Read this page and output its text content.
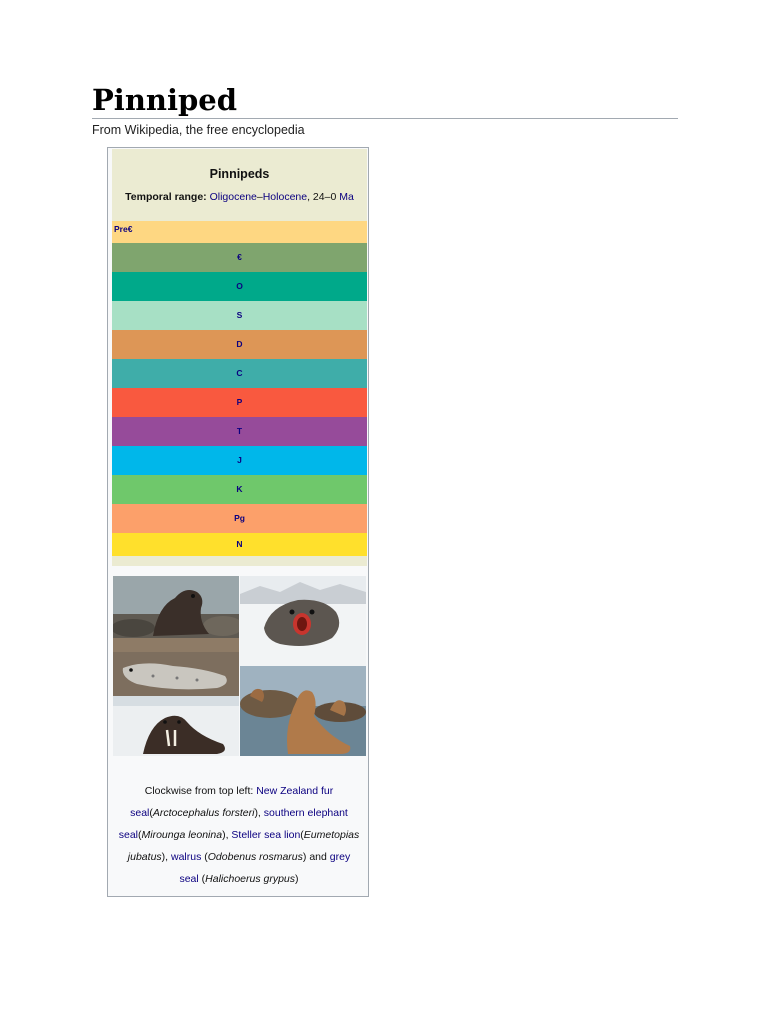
Pinniped
From Wikipedia, the free encyclopedia
Pinnipeds
Temporal range: Oligocene–Holocene, 24–0 Ma
Pre€
€
O
S
D
C
P
T
J
K
Pg
N
Clockwise from top left: New Zealand fur seal(Arctocephalus forsteri), southern elephant seal(Mirounga leonina), Steller sea lion(Eumetopias jubatus), walrus (Odobenus rosmarus) and grey seal (Halichoerus grypus)
